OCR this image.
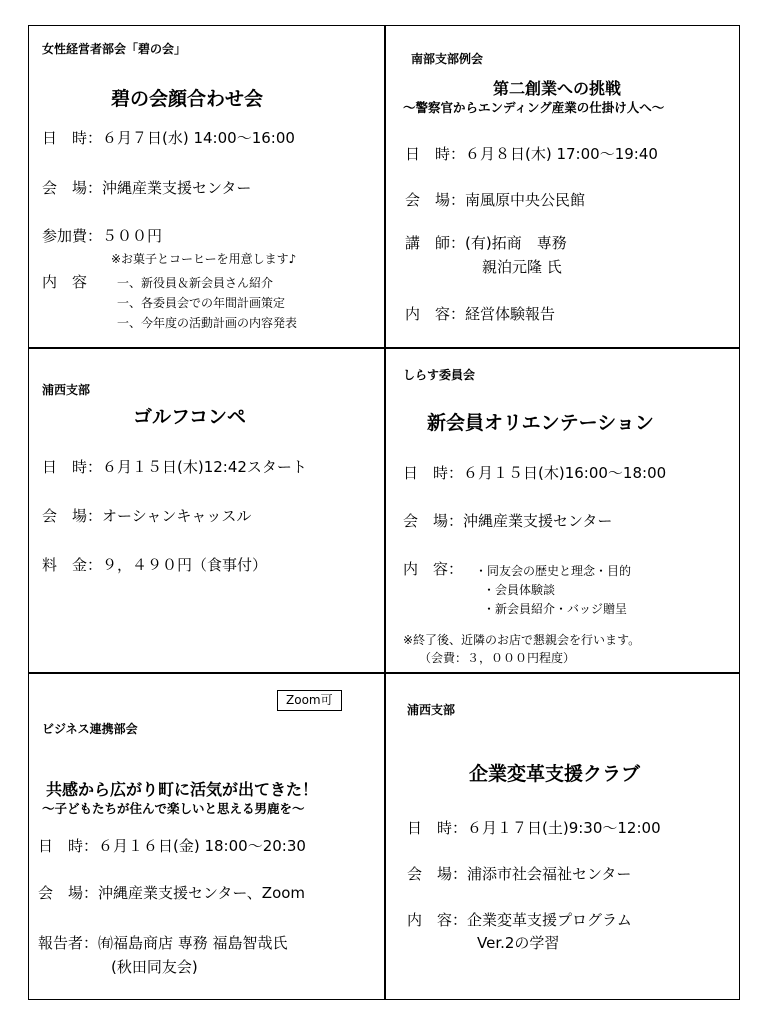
女性経営者部会「碧の会」
碧の会顔合わせ会
日　時：６月７日(水) 14:00～16:00
会　場：沖縄産業支援センター
参加費：５００円
※お菓子とコーヒーを用意します♪
内　容 一、新役員＆新会員さん紹介
一、各委員会での年間計画策定
一、今年度の活動計画の内容発表
南部支部例会
第二創業への挑戦
～警察官からエンディング産業の仕掛け人へ～
日　時：６月８日(木) 17:00～19:40
会　場：南風原中央公民館
講　師：(有)拓商　専務
親泊元隆 氏
内　容：経営体験報告
浦西支部
ゴルフコンペ
日　時：６月１５日(木)12:42スタート
会　場：オーシャンキャッスル
料　金：９，４９０円（食事付）
しらす委員会
新会員オリエンテーション
日　時：６月１５日(木)16:00～18:00
会　場：沖縄産業支援センター
内　容： ・同友会の歴史と理念・目的
・会員体験談
・新会員紹介・バッジ贈呈
※終了後、近隣のお店で懇親会を行います。
（会費：３，０００円程度）
Zoom可
ビジネス連携部会
共感から広がり町に活気が出てきた！
～子どもたちが住んで楽しいと思える男鹿を～
日　時：６月１６日(金) 18:00～20:30
会　場：沖縄産業支援センター、Zoom
報告者：㈲福島商店 専務 福島智哉氏
(秋田同友会)
浦西支部
企業変革支援クラブ
日　時：６月１７日(土)9:30～12:00
会　場：浦添市社会福祉センター
内　容：企業変革支援プログラム
Ver.2の学習
